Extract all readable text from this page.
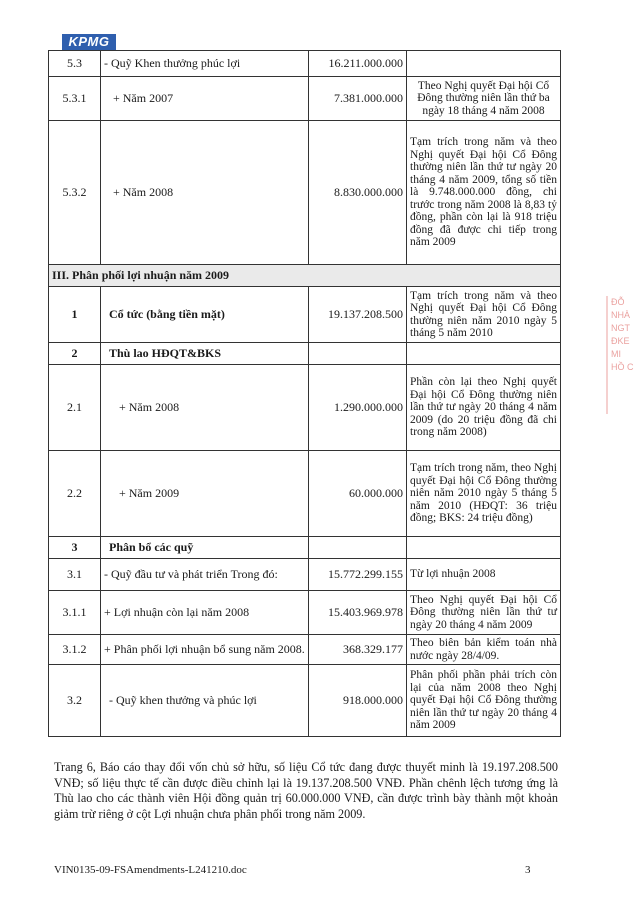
KPMG
5.3	- Quỹ Khen thưởng phúc lợi	16.211.000.000	
5.3.1	+ Năm 2007	7.381.000.000	Theo Nghị quyết Đại hội Cổ Đông thường niên lần thứ ba ngày 18 tháng 4 năm 2008
5.3.2	+ Năm 2008	8.830.000.000	Tạm trích trong năm và theo Nghị quyết Đại hội Cổ Đông thường niên lần thứ tư ngày 20 tháng 4 năm 2009, tổng số tiền là 9.748.000.000 đồng, chi trước trong năm 2008 là 8,83 tỷ đồng, phần còn lại là 918 triệu đồng đã được chi tiếp trong năm 2009
III. Phân phối lợi nhuận năm 2009			
1	Cổ tức (bằng tiền mặt)	19.137.208.500	Tạm trích trong năm và theo Nghị quyết Đại hội Cổ Đông thường niên năm 2010 ngày 5 tháng 5 năm 2010
2	Thù lao HĐQT&BKS		
2.1	+ Năm 2008	1.290.000.000	Phần còn lại theo Nghị quyết Đại hội Cổ Đông thường niên lần thứ tư ngày 20 tháng 4 năm 2009 (do 20 triệu đồng đã chi trong năm 2008)
2.2	+ Năm 2009	60.000.000	Tạm trích trong năm, theo Nghị quyết Đại hội Cổ Đông thường niên năm 2010 ngày 5 tháng 5 năm 2010 (HĐQT: 36 triệu đồng; BKS: 24 triệu đồng)
3	Phân bổ các quỹ		
3.1	- Quỹ đầu tư và phát triển Trong đó:	15.772.299.155	Từ lợi nhuận 2008
3.1.1	+ Lợi nhuận còn lại năm 2008	15.403.969.978	Theo Nghị quyết Đại hội Cổ Đông thường niên lần thứ tư ngày 20 tháng 4 năm 2009
3.1.2	+ Phân phối lợi nhuận bổ sung năm 2008.	368.329.177	Theo biên bản kiểm toán nhà nước ngày 28/4/09.
3.2	- Quỹ khen thưởng và phúc lợi	918.000.000	Phân phối phần phải trích còn lại của năm 2008 theo Nghị quyết Đại hội Cổ Đông thường niên lần thứ tư ngày 20 tháng 4 năm 2009
Trang 6, Báo cáo thay đổi vốn chủ sở hữu, số liệu Cổ tức đang được thuyết minh là 19.197.208.500 VNĐ; số liệu thực tế cần được điều chỉnh lại là 19.137.208.500 VNĐ. Phần chênh lệch tương ứng là Thù lao cho các thành viên Hội đồng quản trị 60.000.000 VNĐ, cần được trình bày thành một khoản giảm trừ riêng ở cột Lợi nhuận chưa phân phối trong năm 2009.
VIN0135-09-FSAmendments-L241210.doc	3
ĐỖ
NHÀ
NGT
ĐKE
MI
HỒ C
